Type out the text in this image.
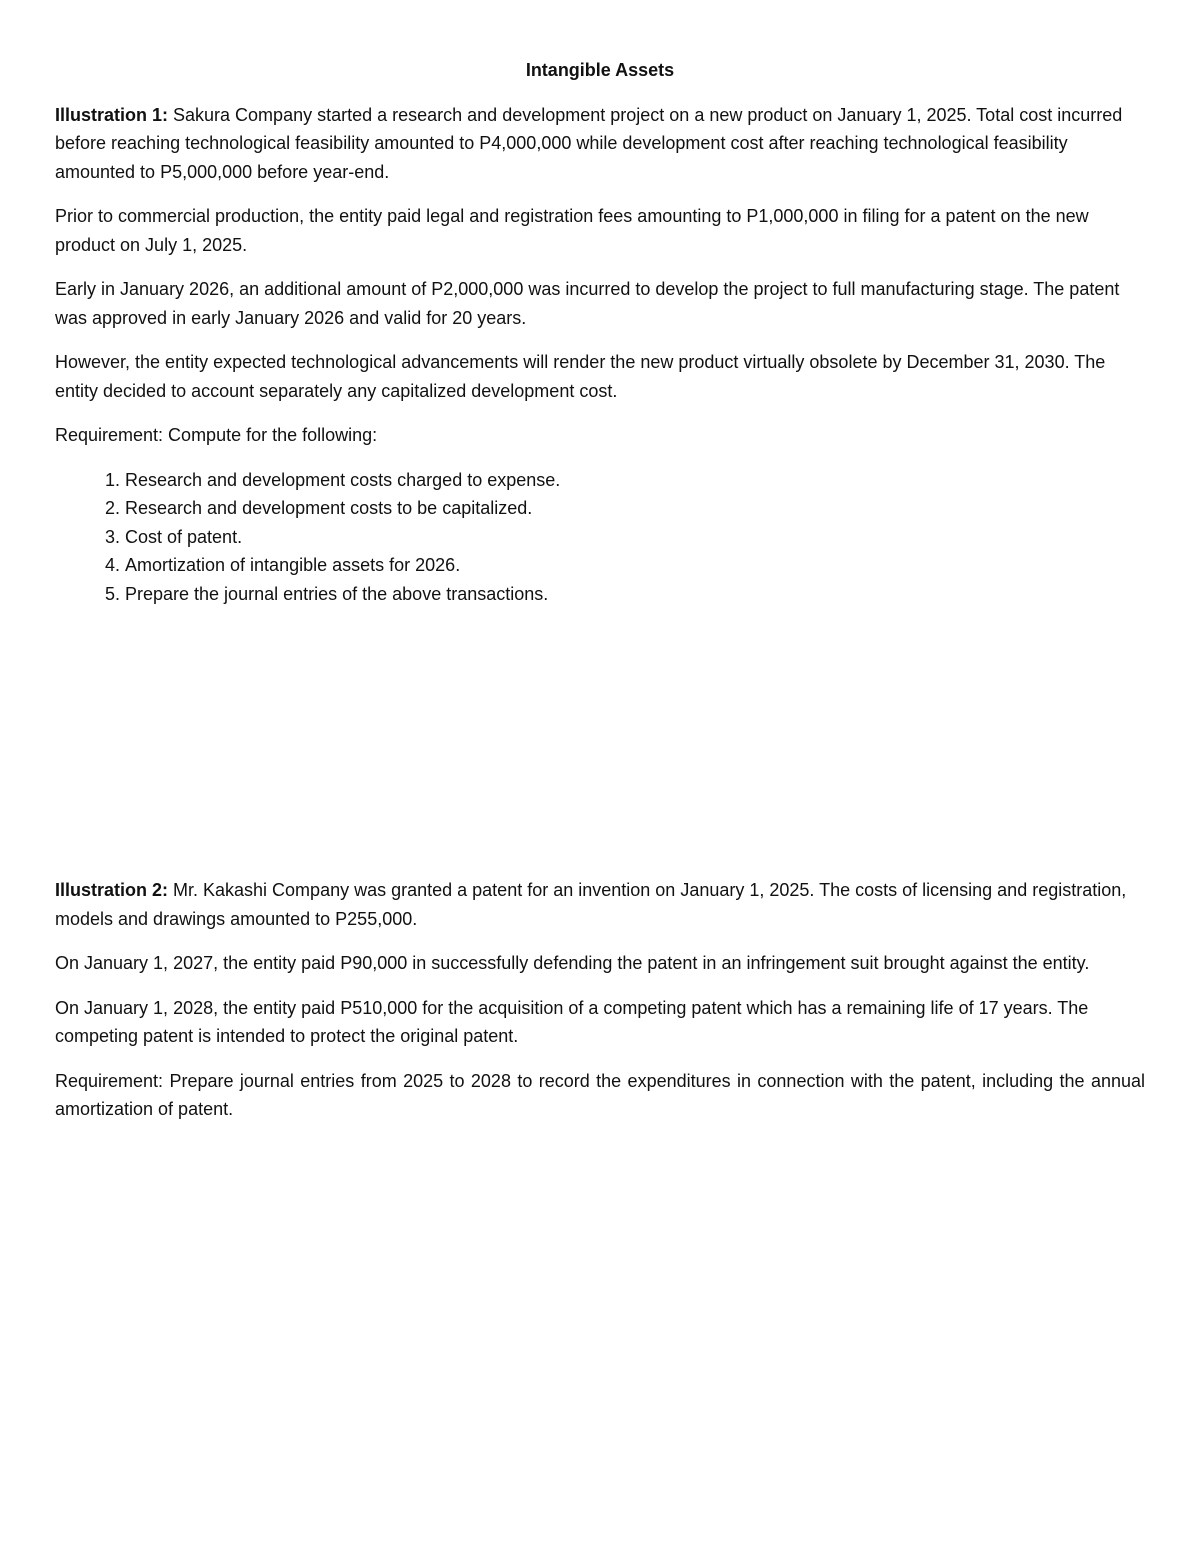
Intangible Assets

Illustration 1: Sakura Company started a research and development project on a new product on January 1, 2025. Total cost incurred before reaching technological feasibility amounted to P4,000,000 while development cost after reaching technological feasibility amounted to P5,000,000 before year-end.

Prior to commercial production, the entity paid legal and registration fees amounting to P1,000,000 in filing for a patent on the new product on July 1, 2025.

Early in January 2026, an additional amount of P2,000,000 was incurred to develop the project to full manufacturing stage. The patent was approved in early January 2026 and valid for 20 years.

However, the entity expected technological advancements will render the new product virtually obsolete by December 31, 2030. The entity decided to account separately any capitalized development cost.

Requirement: Compute for the following:

1. Research and development costs charged to expense.
2. Research and development costs to be capitalized.
3. Cost of patent.
4. Amortization of intangible assets for 2026.
5. Prepare the journal entries of the above transactions.

Illustration 2: Mr. Kakashi Company was granted a patent for an invention on January 1, 2025. The costs of licensing and registration, models and drawings amounted to P255,000.

On January 1, 2027, the entity paid P90,000 in successfully defending the patent in an infringement suit brought against the entity.

On January 1, 2028, the entity paid P510,000 for the acquisition of a competing patent which has a remaining life of 17 years. The competing patent is intended to protect the original patent.

Requirement: Prepare journal entries from 2025 to 2028 to record the expenditures in connection with the patent, including the annual amortization of patent.
